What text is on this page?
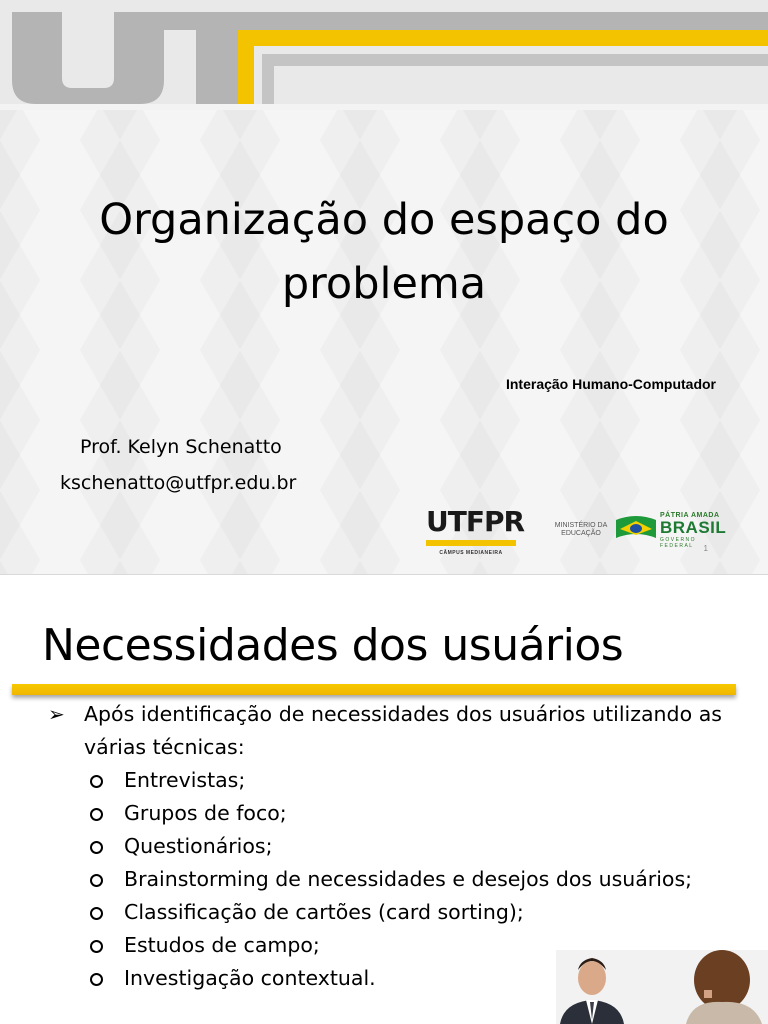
Organização do espaço do problema
Interação Humano-Computador
Prof. Kelyn Schenatto
kschenatto@utfpr.edu.br
UTFPR
CÂMPUS MEDIANEIRA
MINISTÉRIO DA EDUCAÇÃO
PÁTRIA AMADA
BRASIL
GOVERNO FEDERAL	1
Necessidades dos usuários
➢ Após identificação de necessidades dos usuários utilizando as várias técnicas:
Entrevistas;
Grupos de foco;
Questionários;
Brainstorming de necessidades e desejos dos usuários;
Classificação de cartões (card sorting);
Estudos de campo;
Investigação contextual.
